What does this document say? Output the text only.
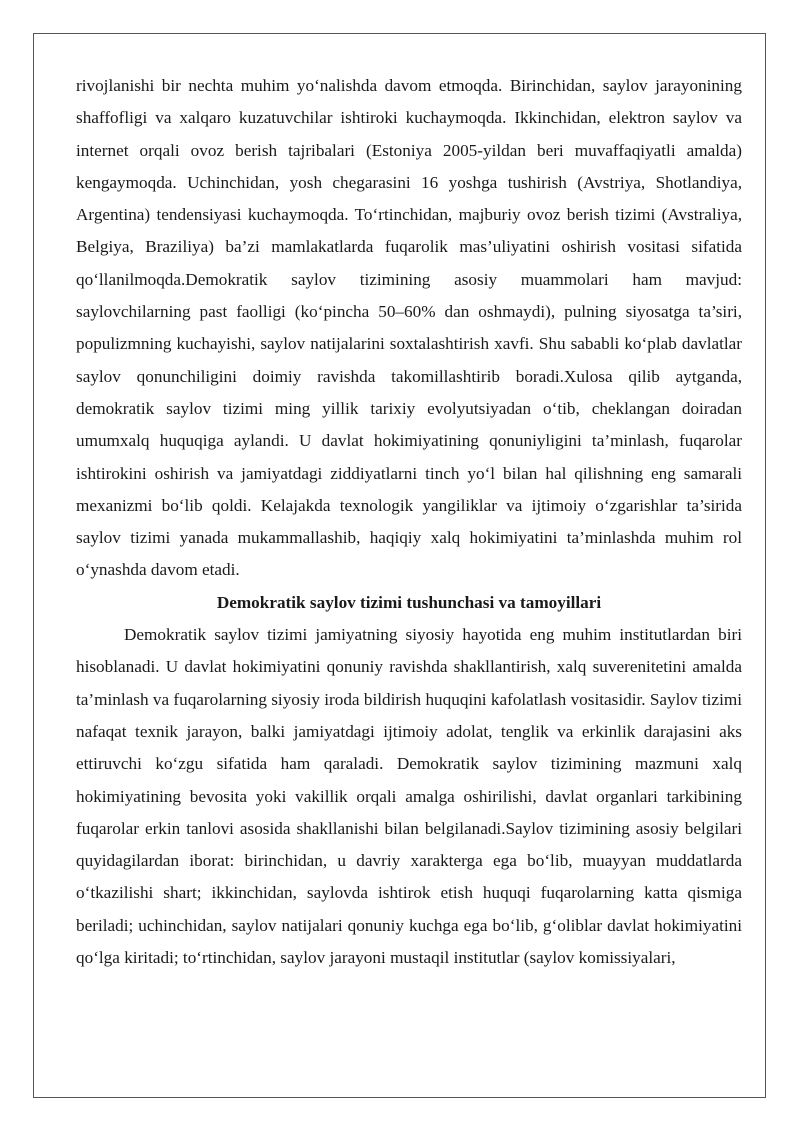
rivojlanishi bir nechta muhim yo‘nalishda davom etmoqda. Birinchidan, saylov jarayonining shaffofligi va xalqaro kuzatuvchilar ishtiroki kuchaymoqda. Ikkinchidan, elektron saylov va internet orqali ovoz berish tajribalari (Estoniya 2005-yildan beri muvaffaqiyatli amalda) kengaymoqda. Uchinchidan, yosh chegarasini 16 yoshga tushirish (Avstriya, Shotlandiya, Argentina) tendensiyasi kuchaymoqda. To‘rtinchidan, majburiy ovoz berish tizimi (Avstraliya, Belgiya, Braziliya) ba’zi mamlakatlarda fuqarolik mas’uliyatini oshirish vositasi sifatida qo‘llanilmoqda.Demokratik saylov tizimining asosiy muammolari ham mavjud: saylovchilarning past faolligi (ko‘pincha 50–60% dan oshmaydi), pulning siyosatga ta’siri, populizmning kuchayishi, saylov natijalarini soxtalashtirish xavfi. Shu sababli ko‘plab davlatlar saylov qonunchiligini doimiy ravishda takomillashtirib boradi.Xulosa qilib aytganda, demokratik saylov tizimi ming yillik tarixiy evolyutsiyadan o‘tib, cheklangan doiradan umumxalq huquqiga aylandi. U davlat hokimiyatining qonuniyligini ta’minlash, fuqarolar ishtirokini oshirish va jamiyatdagi ziddiyatlarni tinch yo‘l bilan hal qilishning eng samarali mexanizmi bo‘lib qoldi. Kelajakda texnologik yangiliklar va ijtimoiy o‘zgarishlar ta’sirida saylov tizimi yanada mukammallashib, haqiqiy xalq hokimiyatini ta’minlashda muhim rol o‘ynashda davom etadi.

Demokratik saylov tizimi tushunchasi va tamoyillari

Demokratik saylov tizimi jamiyatning siyosiy hayotida eng muhim institutlardan biri hisoblanadi. U davlat hokimiyatini qonuniy ravishda shakllantirish, xalq suverenitetini amalda ta’minlash va fuqarolarning siyosiy iroda bildirish huquqini kafolatlash vositasidir. Saylov tizimi nafaqat texnik jarayon, balki jamiyatdagi ijtimoiy adolat, tenglik va erkinlik darajasini aks ettiruvchi ko‘zgu sifatida ham qaraladi. Demokratik saylov tizimining mazmuni xalq hokimiyatining bevosita yoki vakillik orqali amalga oshirilishi, davlat organlari tarkibining fuqarolar erkin tanlovi asosida shakllanishi bilan belgilanadi.Saylov tizimining asosiy belgilari quyidagilardan iborat: birinchidan, u davriy xarakterga ega bo‘lib, muayyan muddatlarda o‘tkazilishi shart; ikkinchidan, saylovda ishtirok etish huquqi fuqarolarning katta qismiga beriladi; uchinchidan, saylov natijalari qonuniy kuchga ega bo‘lib, g‘oliblar davlat hokimiyatini qo‘lga kiritadi; to‘rtinchidan, saylov jarayoni mustaqil institutlar (saylov komissiyalari,
